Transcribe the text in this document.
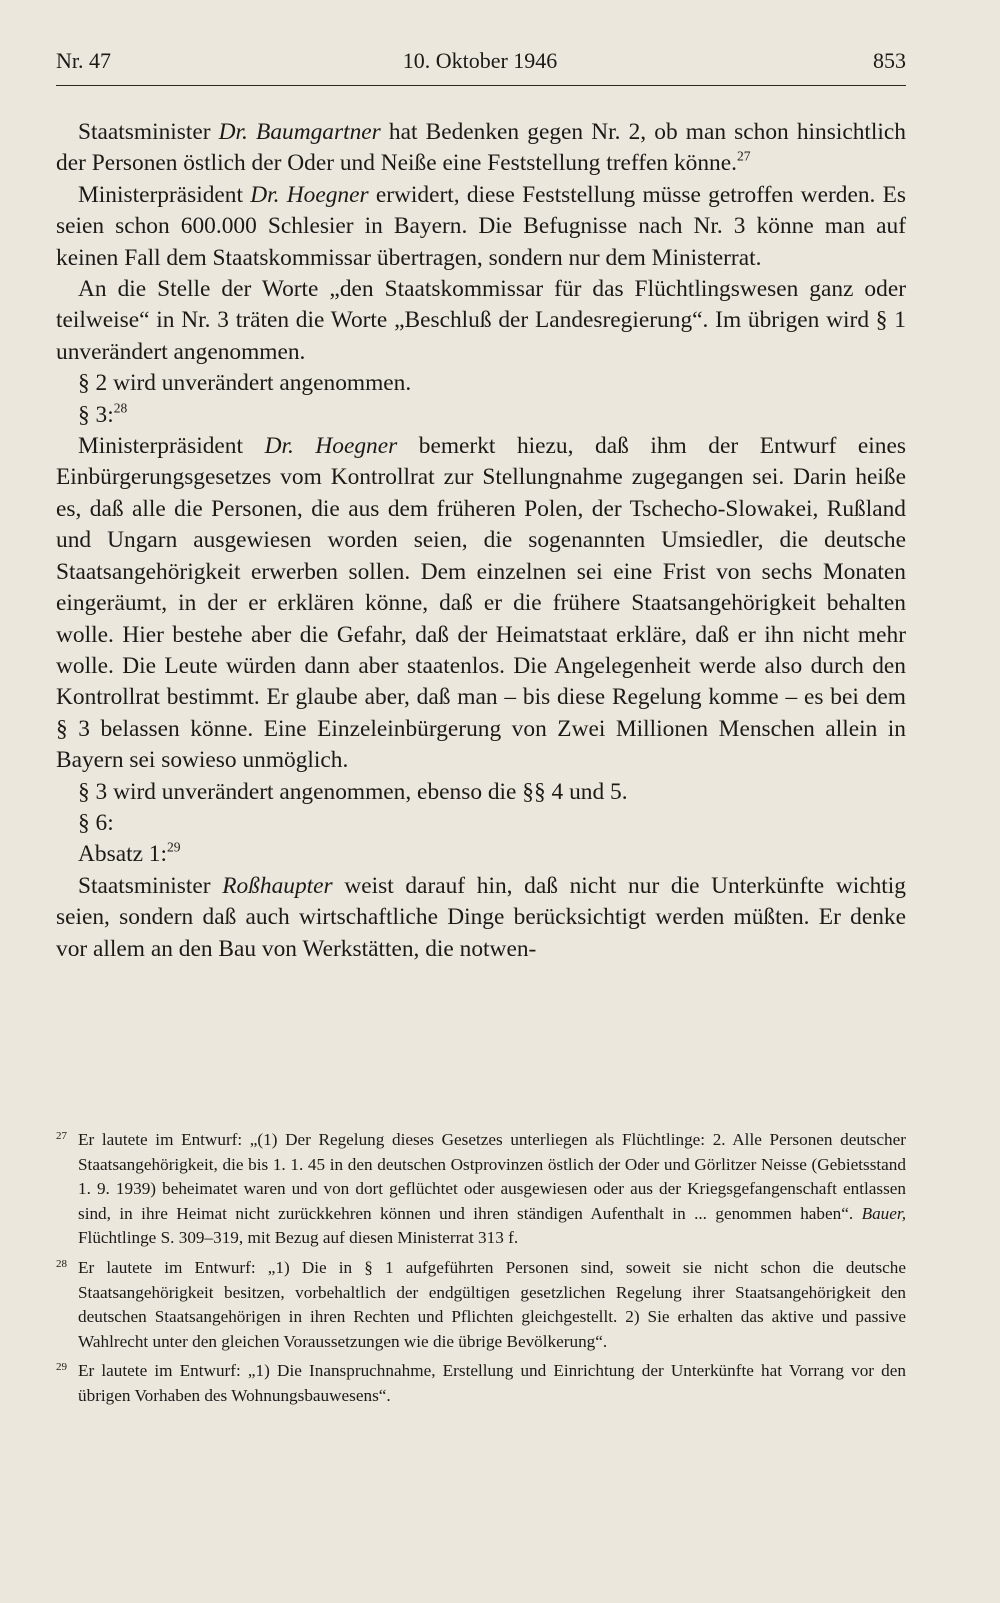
Nr. 47	10. Oktober 1946	853

Staatsminister Dr. Baumgartner hat Bedenken gegen Nr. 2, ob man schon hinsichtlich der Personen östlich der Oder und Neiße eine Feststellung treffen könne.$^{27}$

Ministerpräsident Dr. Hoegner erwidert, diese Feststellung müsse getroffen werden. Es seien schon 600.000 Schlesier in Bayern. Die Befugnisse nach Nr. 3 könne man auf keinen Fall dem Staatskommissar übertragen, sondern nur dem Ministerrat.

An die Stelle der Worte „den Staatskommissar für das Flüchtlingswesen ganz oder teilweise“ in Nr. 3 träten die Worte „Beschluß der Landesregierung“. Im übrigen wird § 1 unverändert angenommen.

§ 2 wird unverändert angenommen.

§ 3:$^{28}$

Ministerpräsident Dr. Hoegner bemerkt hiezu, daß ihm der Entwurf eines Einbürgerungsgesetzes vom Kontrollrat zur Stellungnahme zugegangen sei. Darin heiße es, daß alle die Personen, die aus dem früheren Polen, der Tschecho-Slowakei, Rußland und Ungarn ausgewiesen worden seien, die sogenannten Umsiedler, die deutsche Staatsangehörigkeit erwerben sollen. Dem einzelnen sei eine Frist von sechs Monaten eingeräumt, in der er erklären könne, daß er die frühere Staatsangehörigkeit behalten wolle. Hier bestehe aber die Gefahr, daß der Heimatstaat erkläre, daß er ihn nicht mehr wolle. Die Leute würden dann aber staatenlos. Die Angelegenheit werde also durch den Kontrollrat bestimmt. Er glaube aber, daß man – bis diese Regelung komme – es bei dem § 3 belassen könne. Eine Einzeleinbürgerung von Zwei Millionen Menschen allein in Bayern sei sowieso unmöglich.

§ 3 wird unverändert angenommen, ebenso die §§ 4 und 5.

§ 6:

Absatz 1:$^{29}$

Staatsminister Roßhaupter weist darauf hin, daß nicht nur die Unterkünfte wichtig seien, sondern daß auch wirtschaftliche Dinge berücksichtigt werden müßten. Er denke vor allem an den Bau von Werkstätten, die notwen-

27 Er lautete im Entwurf: „(1) Der Regelung dieses Gesetzes unterliegen als Flüchtlinge: 2. Alle Personen deutscher Staatsangehörigkeit, die bis 1. 1. 45 in den deutschen Ostprovinzen östlich der Oder und Görlitzer Neisse (Gebietsstand 1. 9. 1939) beheimatet waren und von dort geflüchtet oder ausgewiesen oder aus der Kriegsgefangenschaft entlassen sind, in ihre Heimat nicht zurückkehren können und ihren ständigen Aufenthalt in ... genommen haben“. Bauer, Flüchtlinge S. 309–319, mit Bezug auf diesen Ministerrat 313 f.
28 Er lautete im Entwurf: „1) Die in § 1 aufgeführten Personen sind, soweit sie nicht schon die deutsche Staatsangehörigkeit besitzen, vorbehaltlich der endgültigen gesetzlichen Regelung ihrer Staatsangehörigkeit den deutschen Staatsangehörigen in ihren Rechten und Pflichten gleichgestellt. 2) Sie erhalten das aktive und passive Wahlrecht unter den gleichen Voraussetzungen wie die übrige Bevölkerung“.
29 Er lautete im Entwurf: „1) Die Inanspruchnahme, Erstellung und Einrichtung der Unterkünfte hat Vorrang vor den übrigen Vorhaben des Wohnungsbauwesens“.
